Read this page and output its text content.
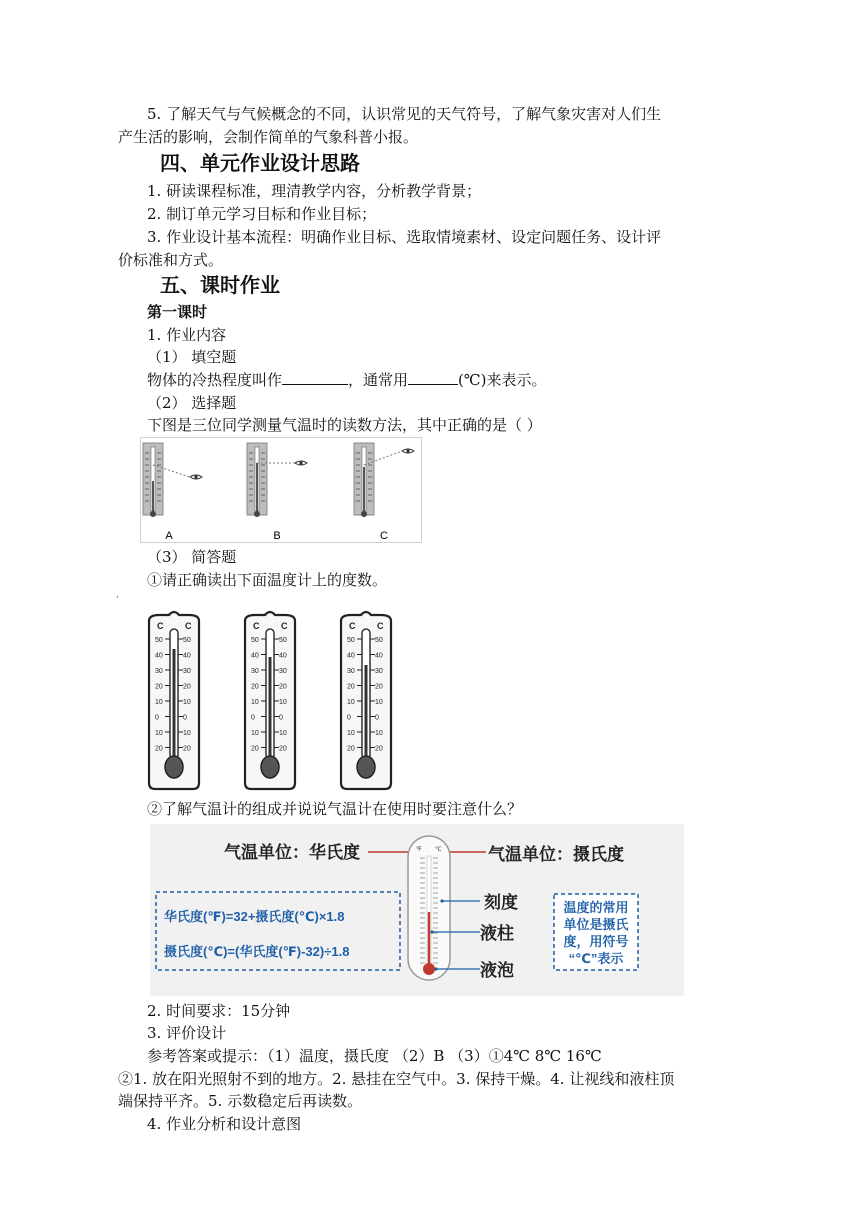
5. 了解天气与气候概念的不同，认识常见的天气符号，了解气象灾害对人们生
产生活的影响，会制作简单的气象科普小报。
四、单元作业设计思路
1. 研读课程标准，理清教学内容，分析教学背景；
2. 制订单元学习目标和作业目标；
3. 作业设计基本流程：明确作业目标、选取情境素材、设定问题任务、设计评
价标准和方式。
五、课时作业
第一课时
1. 作业内容
（1） 填空题
物体的冷热程度叫作	，通常用	(℃)来表示。
（2） 选择题
下图是三位同学测量气温时的读数方法，其中正确的是（ ）
A	B	C
（3） 简答题
①请正确读出下面温度计上的度数。
·
C C
50	50
40	40
30	30
20	20
10	10
0	0
10	10
20	20
C C
50	50
40	40
30	30
20	20
10	10
0	0
10	10
20	20
C C
50	50
40	40
30	30
20	20
10	10
0	0
10	10
20	20
②了解气温计的组成并说说气温计在使用时要注意什么？
气温单位：华氏度	气温单位：摄氏度
℉ ℃
刻度
液柱
液泡
华氏度(℉)=32+摄氏度(℃)×1.8
摄氏度(℃)=(华氏度(℉)-32)÷1.8
温度的常用
单位是摄氏
度，用符号
“℃”表示
2. 时间要求：15分钟
3. 评价设计
参考答案或提示：（1）温度，摄氏度 （2）B （3）①4℃ 8℃ 16℃
②1. 放在阳光照射不到的地方。2. 悬挂在空气中。3. 保持干燥。4. 让视线和液柱顶
端保持平齐。5. 示数稳定后再读数。
4. 作业分析和设计意图
